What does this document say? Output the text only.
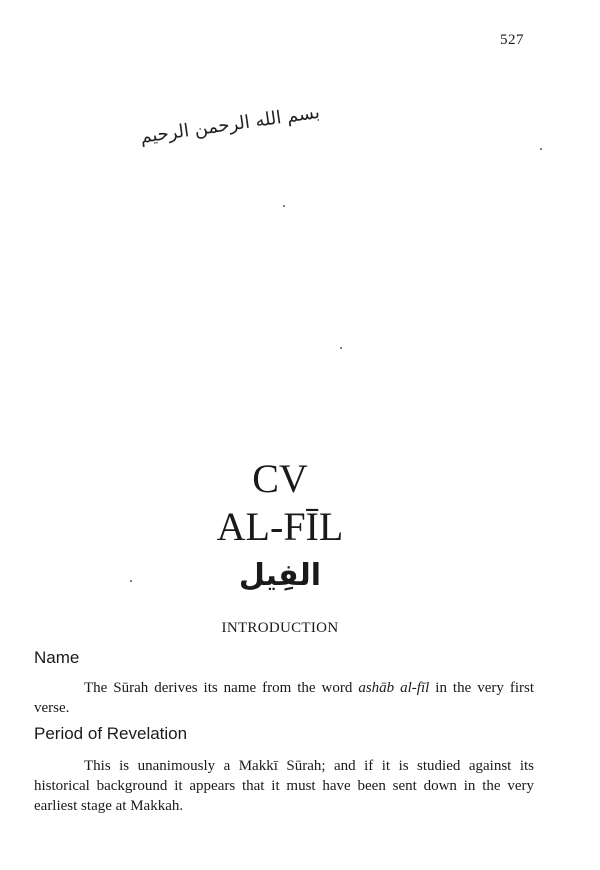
527
بسم الله الرحمن الرحيم
CV
AL-FĪL
الفِيل
INTRODUCTION
Name
The Sūrah derives its name from the word ashāb al-fīl in the very first verse.
Period of Revelation
This is unanimously a Makkī Sūrah; and if it is studied against its historical background it appears that it must have been sent down in the very earliest stage at Makkah.
